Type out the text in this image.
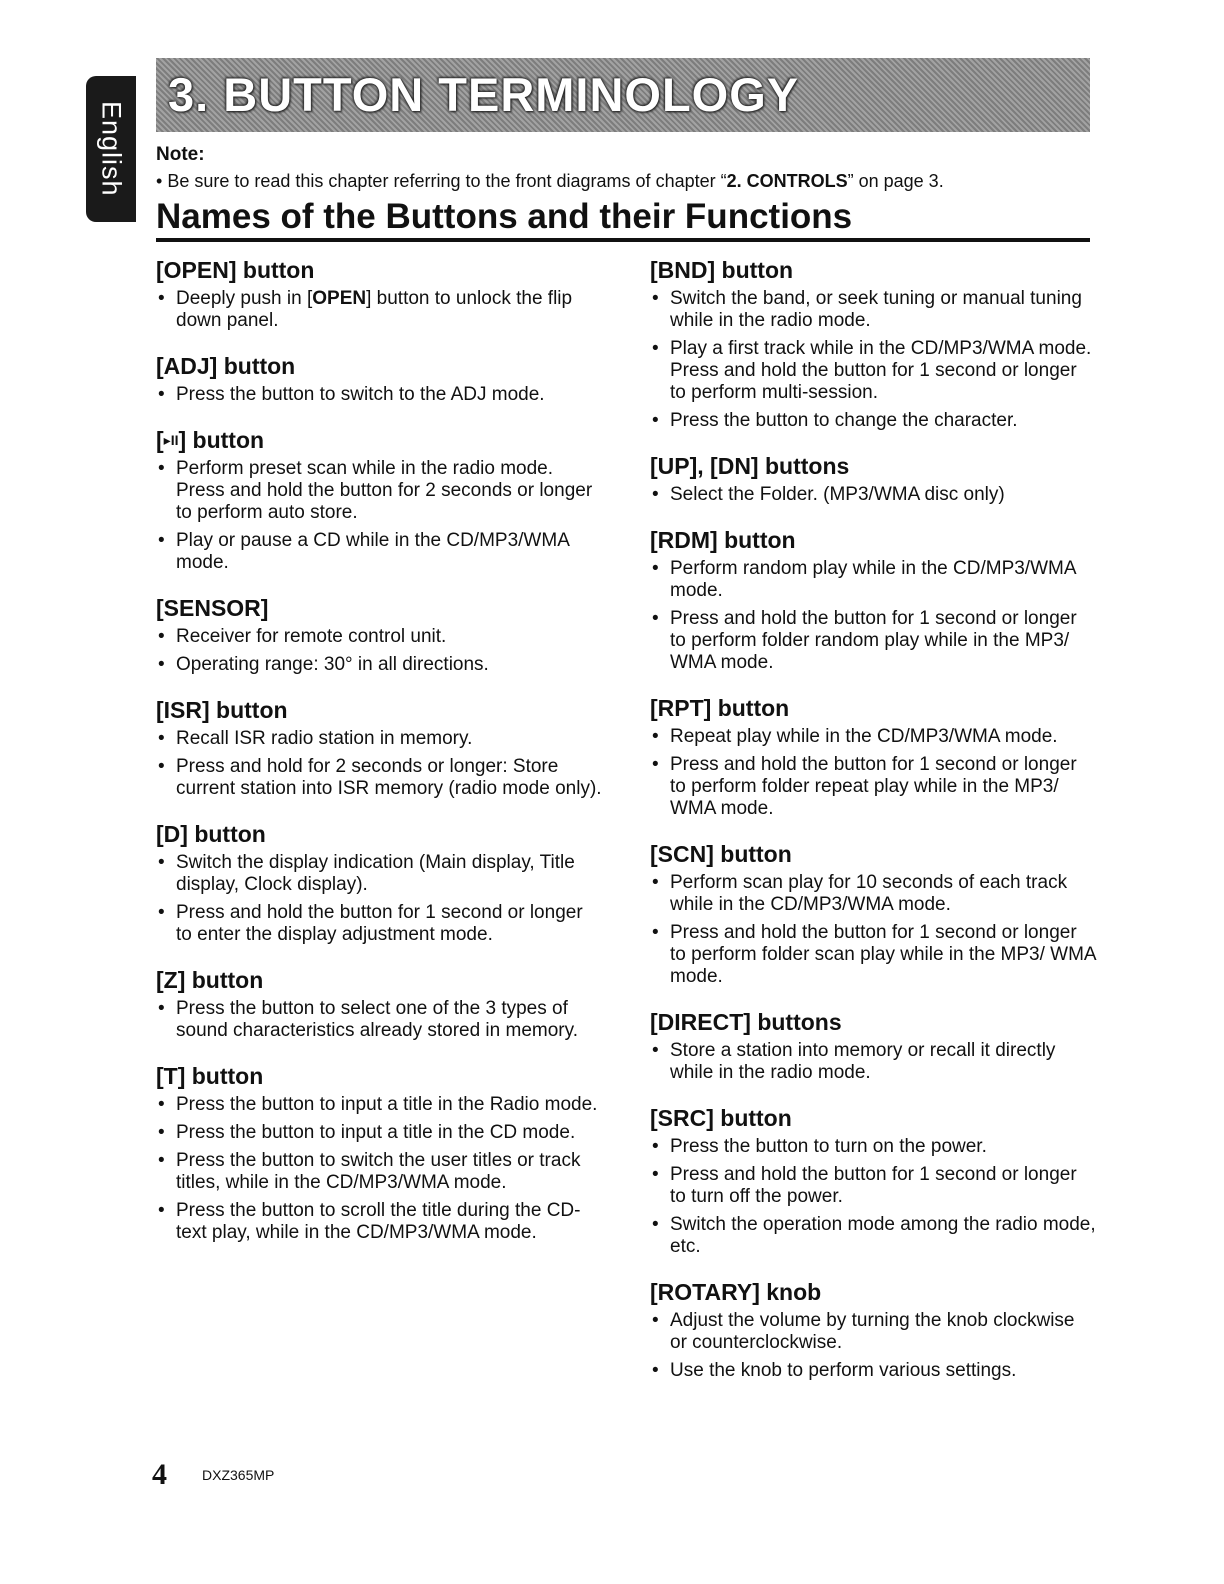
English
3. BUTTON TERMINOLOGY
Note:
• Be sure to read this chapter referring to the front diagrams of chapter “2. CONTROLS” on page 3.
Names of the Buttons and their Functions
[OPEN] button
• Deeply push in [OPEN] button to unlock the flip down panel.
[ADJ] button
• Press the button to switch to the ADJ mode.
[▸II] button
• Perform preset scan while in the radio mode. Press and hold the button for 2 seconds or longer to perform auto store.
• Play or pause a CD while in the CD/MP3/WMA mode.
[SENSOR]
• Receiver for remote control unit.
• Operating range: 30° in all directions.
[ISR] button
• Recall ISR radio station in memory.
• Press and hold for 2 seconds or longer: Store current station into ISR memory (radio mode only).
[D] button
• Switch the display indication (Main display, Title display, Clock display).
• Press and hold the button for 1 second or longer to enter the display adjustment mode.
[Z] button
• Press the button to select one of the 3 types of sound characteristics already stored in memory.
[T] button
• Press the button to input a title in the Radio mode.
• Press the button to input a title in the CD mode.
• Press the button to switch the user titles or track titles, while in the CD/MP3/WMA mode.
• Press the button to scroll the title during the CD-text play, while in the CD/MP3/WMA mode.
[BND] button
• Switch the band, or seek tuning or manual tuning while in the radio mode.
• Play a first track while in the CD/MP3/WMA mode.
Press and hold the button for 1 second or longer to perform multi-session.
• Press the button to change the character.
[UP], [DN] buttons
• Select the Folder. (MP3/WMA disc only)
[RDM] button
• Perform random play while in the CD/MP3/WMA mode.
• Press and hold the button for 1 second or longer to perform folder random play while in the MP3/ WMA mode.
[RPT] button
• Repeat play while in the CD/MP3/WMA mode.
• Press and hold the button for 1 second or longer to perform folder repeat play while in the MP3/ WMA mode.
[SCN] button
• Perform scan play for 10 seconds of each track while in the CD/MP3/WMA mode.
• Press and hold the button for 1 second or longer to perform folder scan play while in the MP3/ WMA mode.
[DIRECT] buttons
• Store a station into memory or recall it directly while in the radio mode.
[SRC] button
• Press the button to turn on the power.
• Press and hold the button for 1 second or longer to turn off the power.
• Switch the operation mode among the radio mode, etc.
[ROTARY] knob
• Adjust the volume by turning the knob clockwise or counterclockwise.
• Use the knob to perform various settings.
4	DXZ365MP
